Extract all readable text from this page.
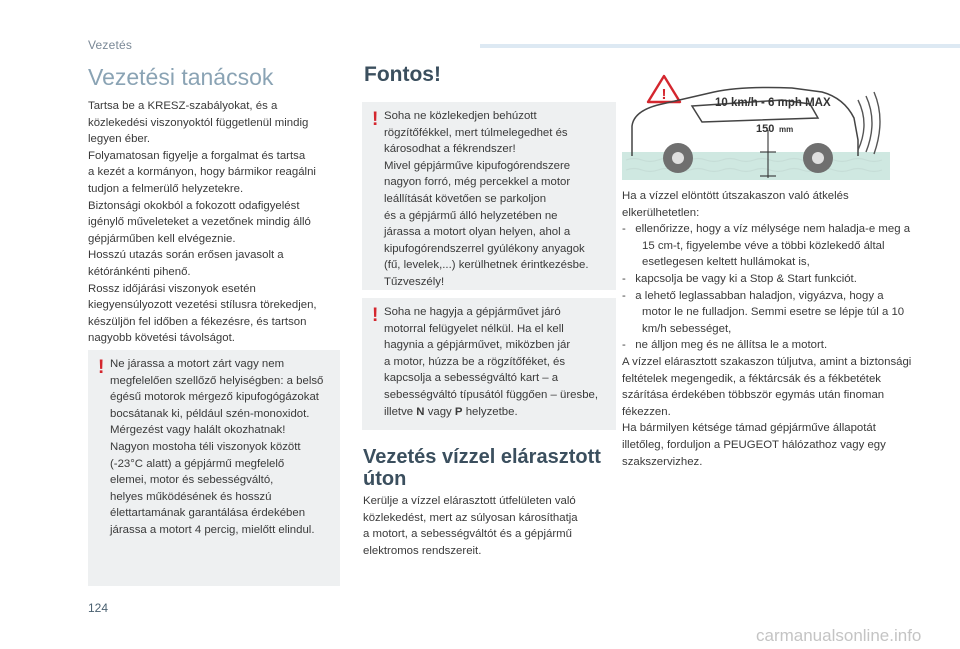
Vezetés
Vezetési tanácsok
Tartsa be a KRESZ-szabályokat, és a
közlekedési viszonyoktól függetlenül mindig
legyen éber.
Folyamatosan figyelje a forgalmat és tartsa
a kezét a kormányon, hogy bármikor reagálni
tudjon a felmerülő helyzetekre.
Biztonsági okokból a fokozott odafigyelést
igénylő műveleteket a vezetőnek mindig álló
gépjárműben kell elvégeznie.
Hosszú utazás során erősen javasolt a
kétóránkénti pihenő.
Rossz időjárási viszonyok esetén
kiegyensúlyozott vezetési stílusra törekedjen,
készüljön fel időben a fékezésre, és tartson
nagyobb követési távolságot.
! Ne járassa a motort zárt vagy nem
megfelelően szellőző helyiségben: a belső
égésű motorok mérgező kipufogógázokat
bocsátanak ki, például szén-monoxidot.
Mérgezést vagy halált okozhatnak!
Nagyon mostoha téli viszonyok között
(-23°C alatt) a gépjármű megfelelő
elemei, motor és sebességváltó,
helyes működésének és hosszú
élettartamának garantálása érdekében
járassa a motort 4 percig, mielőtt elindul.
Fontos!
! Soha ne közlekedjen behúzott
rögzítőfékkel, mert túlmelegedhet és
károsodhat a fékrendszer!
Mivel gépjárműve kipufogórendszere
nagyon forró, még percekkel a motor
leállítását követően se parkoljon
és a gépjármű álló helyzetében ne
járassa a motort olyan helyen, ahol a
kipufogórendszerrel gyúlékony anyagok
(fű, levelek,...) kerülhetnek érintkezésbe.
Tűzveszély!
! Soha ne hagyja a gépjárművet járó
motorral felügyelet nélkül. Ha el kell
hagynia a gépjárművet, miközben jár
a motor, húzza be a rögzítőféket, és
kapcsolja a sebességváltó kart – a
sebességváltó típusától függően – üresbe,
illetve N vagy P helyzetbe.
Vezetés vízzel elárasztott
úton
Kerülje a vízzel elárasztott útfelületen való
közlekedést, mert az súlyosan károsíthatja
a motort, a sebességváltót és a gépjármű
elektromos rendszereit.
!	10 km/h - 6 mph MAX
150 mm
Ha a vízzel elöntött útszakaszon való átkelés
elkerülhetetlen:
-   ellenőrizze, hogy a víz mélysége nem haladja-e meg a 15 cm-t, figyelembe véve a többi közlekedő által esetlegesen keltett hullámokat is,
-   kapcsolja be vagy ki a Stop & Start funkciót.
-   a lehető leglassabban haladjon, vigyázva, hogy a motor le ne fulladjon. Semmi esetre se lépje túl a 10 km/h sebességet,
-   ne álljon meg és ne állítsa le a motort.
A vízzel elárasztott szakaszon túljutva, amint a biztonsági feltételek megengedik, a féktárcsák és a fékbetétek szárítása érdekében többször egymás után finoman fékezzen.
Ha bármilyen kétsége támad gépjárműve állapotát illetőleg, forduljon a PEUGEOT hálózathoz vagy egy szakszervizhez.
124
carmanualsonline.info
